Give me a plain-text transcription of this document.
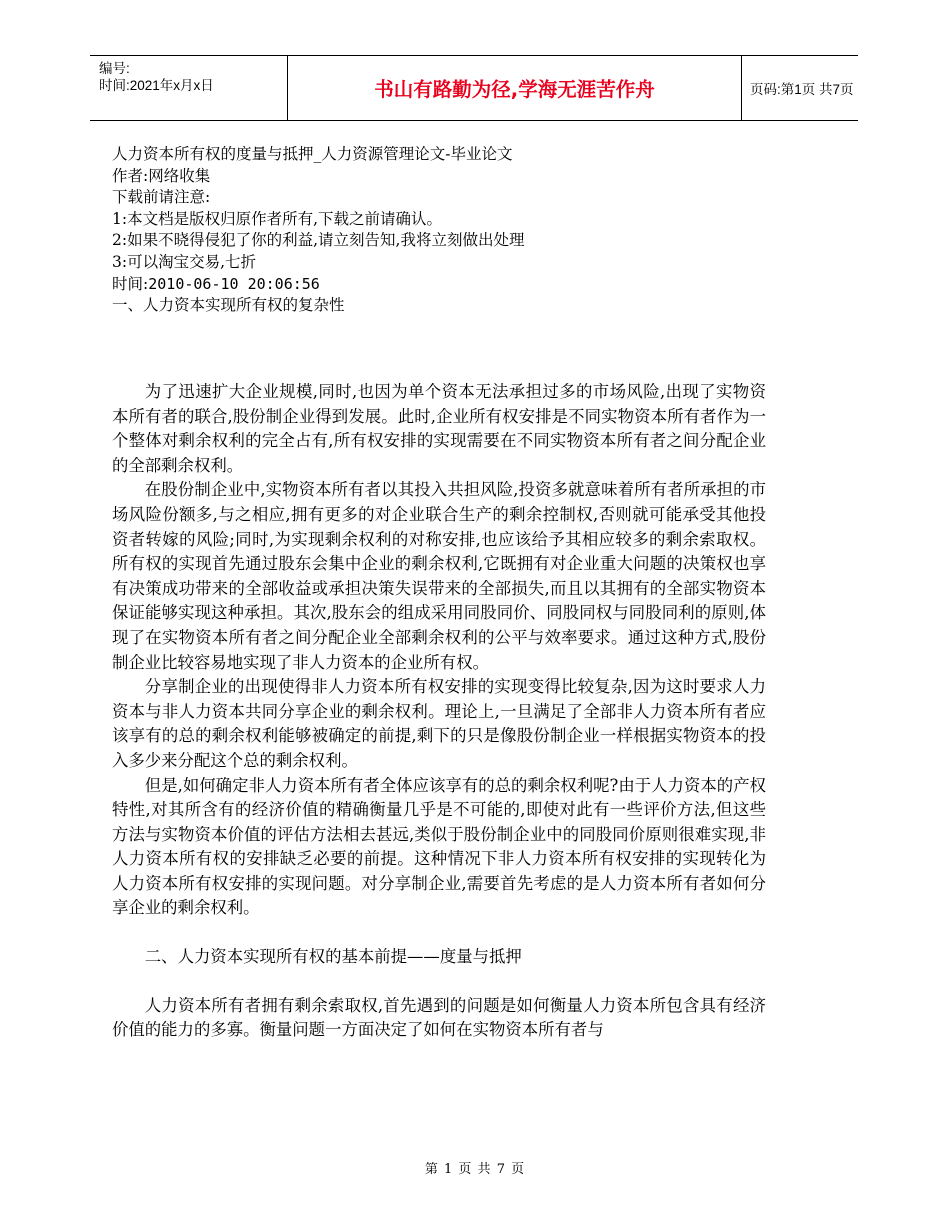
编号:
时间:2021年x月x日	书山有路勤为径,学海无涯苦作舟	页码:第1页 共7页
人力资本所有权的度量与抵押_人力资源管理论文-毕业论文
作者:网络收集
下载前请注意:
1:本文档是版权归原作者所有,下载之前请确认。
2:如果不晓得侵犯了你的利益,请立刻告知,我将立刻做出处理
3:可以淘宝交易,七折
时间:2010-06-10 20:06:56
一、人力资本实现所有权的复杂性

为了迅速扩大企业规模,同时,也因为单个资本无法承担过多的市场风险,出现了实物资本所有者的联合,股份制企业得到发展。此时,企业所有权安排是不同实物资本所有者作为一个整体对剩余权利的完全占有,所有权安排的实现需要在不同实物资本所有者之间分配企业的全部剩余权利。

在股份制企业中,实物资本所有者以其投入共担风险,投资多就意味着所有者所承担的市场风险份额多,与之相应,拥有更多的对企业联合生产的剩余控制权,否则就可能承受其他投资者转嫁的风险;同时,为实现剩余权利的对称安排,也应该给予其相应较多的剩余索取权。所有权的实现首先通过股东会集中企业的剩余权利,它既拥有对企业重大问题的决策权也享有决策成功带来的全部收益或承担决策失误带来的全部损失,而且以其拥有的全部实物资本保证能够实现这种承担。其次,股东会的组成采用同股同价、同股同权与同股同利的原则,体现了在实物资本所有者之间分配企业全部剩余权利的公平与效率要求。通过这种方式,股份制企业比较容易地实现了非人力资本的企业所有权。

分享制企业的出现使得非人力资本所有权安排的实现变得比较复杂,因为这时要求人力资本与非人力资本共同分享企业的剩余权利。理论上,一旦满足了全部非人力资本所有者应该享有的总的剩余权利能够被确定的前提,剩下的只是像股份制企业一样根据实物资本的投入多少来分配这个总的剩余权利。

但是,如何确定非人力资本所有者全体应该享有的总的剩余权利呢?由于人力资本的产权特性,对其所含有的经济价值的精确衡量几乎是不可能的,即使对此有一些评价方法,但这些方法与实物资本价值的评估方法相去甚远,类似于股份制企业中的同股同价原则很难实现,非人力资本所有权的安排缺乏必要的前提。这种情况下非人力资本所有权安排的实现转化为人力资本所有权安排的实现问题。对分享制企业,需要首先考虑的是人力资本所有者如何分享企业的剩余权利。

二、人力资本实现所有权的基本前提——度量与抵押

人力资本所有者拥有剩余索取权,首先遇到的问题是如何衡量人力资本所包含具有经济价值的能力的多寡。衡量问题一方面决定了如何在实物资本所有者与

第 1 页 共 7 页
